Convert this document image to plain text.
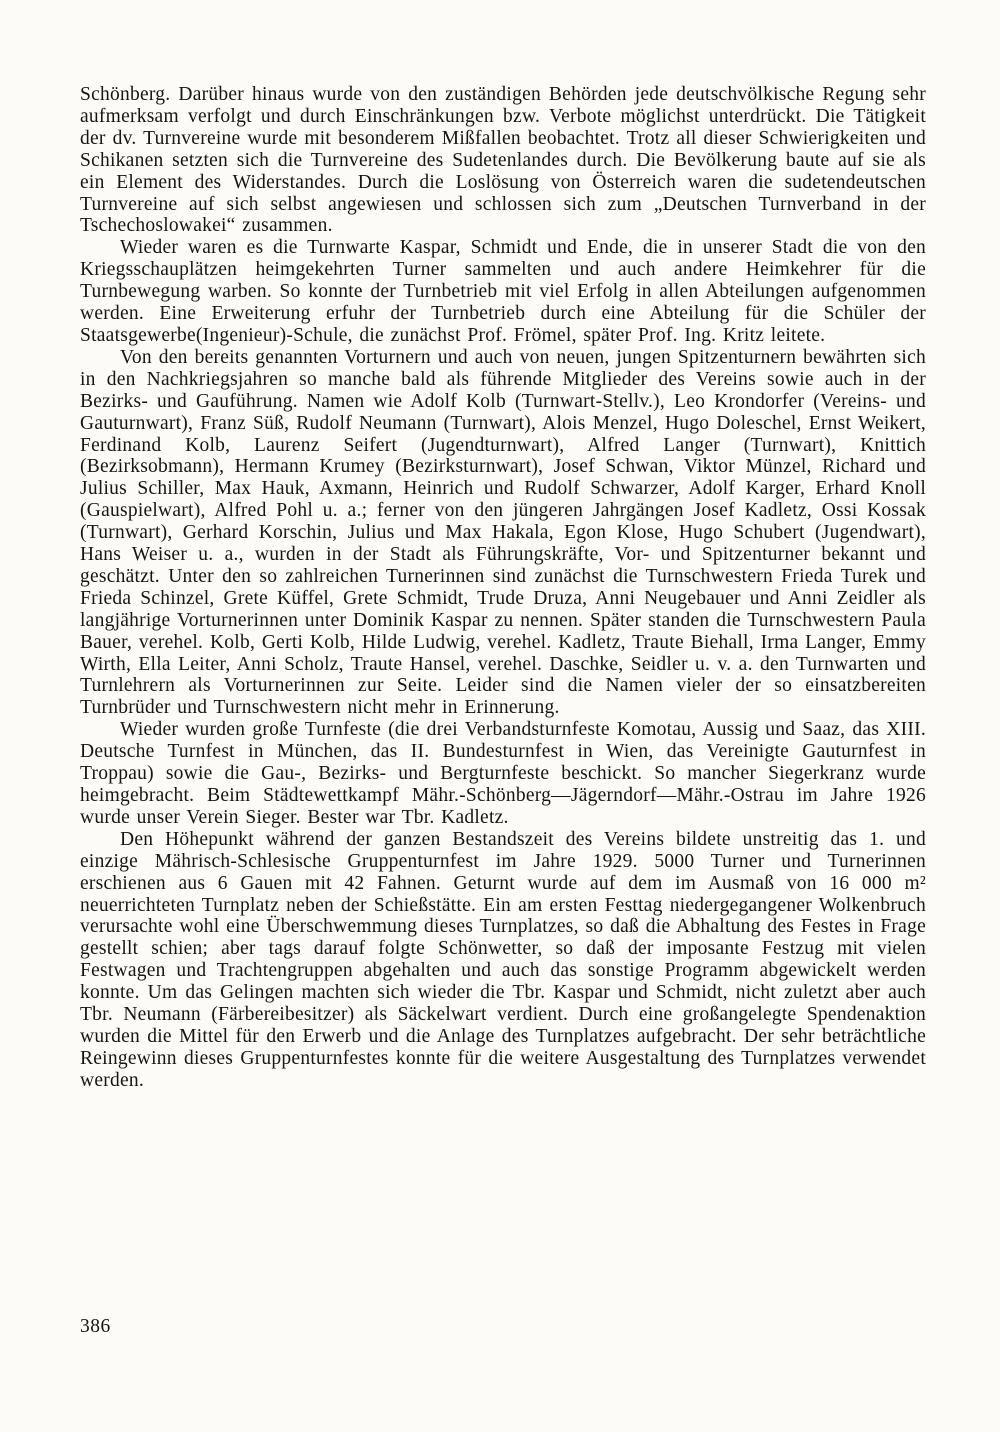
Schönberg. Darüber hinaus wurde von den zuständigen Behörden jede deutschvölkische Regung sehr aufmerksam verfolgt und durch Einschränkungen bzw. Verbote möglichst unterdrückt. Die Tätigkeit der dv. Turnvereine wurde mit besonderem Mißfallen beobachtet. Trotz all dieser Schwierigkeiten und Schikanen setzten sich die Turnvereine des Sudetenlandes durch. Die Bevölkerung baute auf sie als ein Element des Widerstandes. Durch die Loslösung von Österreich waren die sudetendeutschen Turnvereine auf sich selbst angewiesen und schlossen sich zum „Deutschen Turnverband in der Tschechoslowakei“ zusammen.

Wieder waren es die Turnwarte Kaspar, Schmidt und Ende, die in unserer Stadt die von den Kriegsschauplätzen heimgekehrten Turner sammelten und auch andere Heimkehrer für die Turnbewegung warben. So konnte der Turnbetrieb mit viel Erfolg in allen Abteilungen aufgenommen werden. Eine Erweiterung erfuhr der Turnbetrieb durch eine Abteilung für die Schüler der Staatsgewerbe(Ingenieur)-Schule, die zunächst Prof. Frömel, später Prof. Ing. Kritz leitete.

Von den bereits genannten Vorturnern und auch von neuen, jungen Spitzenturnern bewährten sich in den Nachkriegsjahren so manche bald als führende Mitglieder des Vereins sowie auch in der Bezirks- und Gauführung. Namen wie Adolf Kolb (Turnwart-Stellv.), Leo Krondorfer (Vereins- und Gauturnwart), Franz Süß, Rudolf Neumann (Turnwart), Alois Menzel, Hugo Doleschel, Ernst Weikert, Ferdinand Kolb, Laurenz Seifert (Jugendturnwart), Alfred Langer (Turnwart), Knittich (Bezirksobmann), Hermann Krumey (Bezirksturnwart), Josef Schwan, Viktor Münzel, Richard und Julius Schiller, Max Hauk, Axmann, Heinrich und Rudolf Schwarzer, Adolf Karger, Erhard Knoll (Gauspielwart), Alfred Pohl u. a.; ferner von den jüngeren Jahrgängen Josef Kadletz, Ossi Kossak (Turnwart), Gerhard Korschin, Julius und Max Hakala, Egon Klose, Hugo Schubert (Jugendwart), Hans Weiser u. a., wurden in der Stadt als Führungskräfte, Vor- und Spitzenturner bekannt und geschätzt. Unter den so zahlreichen Turnerinnen sind zunächst die Turnschwestern Frieda Turek und Frieda Schinzel, Grete Küffel, Grete Schmidt, Trude Druza, Anni Neugebauer und Anni Zeidler als langjährige Vorturnerinnen unter Dominik Kaspar zu nennen. Später standen die Turnschwestern Paula Bauer, verehel. Kolb, Gerti Kolb, Hilde Ludwig, verehel. Kadletz, Traute Biehall, Irma Langer, Emmy Wirth, Ella Leiter, Anni Scholz, Traute Hansel, verehel. Daschke, Seidler u. v. a. den Turnwarten und Turnlehrern als Vorturnerinnen zur Seite. Leider sind die Namen vieler der so einsatzbereiten Turnbrüder und Turnschwestern nicht mehr in Erinnerung.

Wieder wurden große Turnfeste (die drei Verbandsturnfeste Komotau, Aussig und Saaz, das XIII. Deutsche Turnfest in München, das II. Bundesturnfest in Wien, das Vereinigte Gauturnfest in Troppau) sowie die Gau-, Bezirks- und Bergturnfeste beschickt. So mancher Siegerkranz wurde heimgebracht. Beim Städtewettkampf Mähr.-Schönberg—Jägerndorf—Mähr.-Ostrau im Jahre 1926 wurde unser Verein Sieger. Bester war Tbr. Kadletz.

Den Höhepunkt während der ganzen Bestandszeit des Vereins bildete unstreitig das 1. und einzige Mährisch-Schlesische Gruppenturnfest im Jahre 1929. 5000 Turner und Turnerinnen erschienen aus 6 Gauen mit 42 Fahnen. Geturnt wurde auf dem im Ausmaß von 16 000 m² neuerrichteten Turnplatz neben der Schießstätte. Ein am ersten Festtag niedergegangener Wolkenbruch verursachte wohl eine Überschwemmung dieses Turnplatzes, so daß die Abhaltung des Festes in Frage gestellt schien; aber tags darauf folgte Schönwetter, so daß der imposante Festzug mit vielen Festwagen und Trachtengruppen abgehalten und auch das sonstige Programm abgewickelt werden konnte. Um das Gelingen machten sich wieder die Tbr. Kaspar und Schmidt, nicht zuletzt aber auch Tbr. Neumann (Färbereibesitzer) als Säckelwart verdient. Durch eine großangelegte Spendenaktion wurden die Mittel für den Erwerb und die Anlage des Turnplatzes aufgebracht. Der sehr beträchtliche Reingewinn dieses Gruppenturnfestes konnte für die weitere Ausgestaltung des Turnplatzes verwendet werden.

386
